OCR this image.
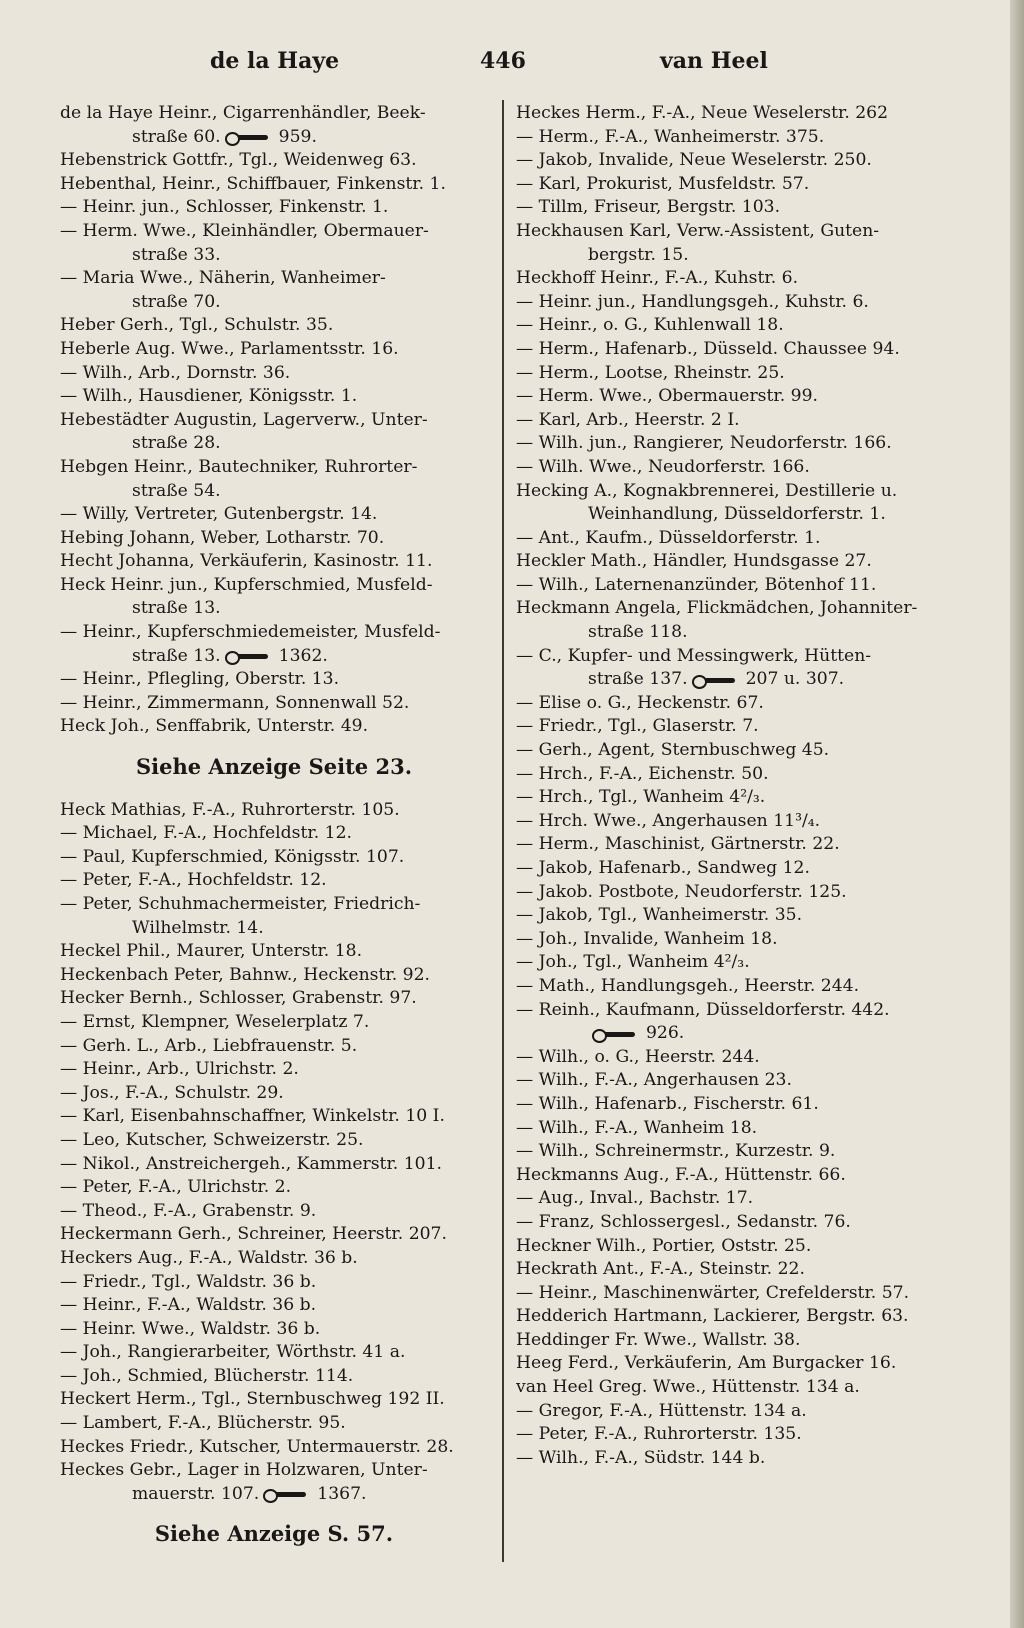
de la Haye	446	van Heel
de la Haye Heinr., Cigarrenhändler, Beek-
straße 60.	959.
Hebenstrick Gottfr., Tgl., Weidenweg 63.
Hebenthal, Heinr., Schiffbauer, Finkenstr. 1.
— Heinr. jun., Schlosser, Finkenstr. 1.
— Herm. Wwe., Kleinhändler, Obermauer-
straße 33.
— Maria Wwe., Näherin, Wanheimer-
straße 70.
Heber Gerh., Tgl., Schulstr. 35.
Heberle Aug. Wwe., Parlamentsstr. 16.
— Wilh., Arb., Dornstr. 36.
— Wilh., Hausdiener, Königsstr. 1.
Hebestädter Augustin, Lagerverw., Unter-
straße 28.
Hebgen Heinr., Bautechniker, Ruhrorter-
straße 54.
— Willy, Vertreter, Gutenbergstr. 14.
Hebing Johann, Weber, Lotharstr. 70.
Hecht Johanna, Verkäuferin, Kasinostr. 11.
Heck Heinr. jun., Kupferschmied, Musfeld-
straße 13.
— Heinr., Kupferschmiedemeister, Musfeld-
straße 13.	1362.
— Heinr., Pflegling, Oberstr. 13.
— Heinr., Zimmermann, Sonnenwall 52.
Heck Joh., Senffabrik, Unterstr. 49.
Siehe Anzeige Seite 23.
Heck Mathias, F.-A., Ruhrorterstr. 105.
— Michael, F.-A., Hochfeldstr. 12.
— Paul, Kupferschmied, Königsstr. 107.
— Peter, F.-A., Hochfeldstr. 12.
— Peter, Schuhmachermeister, Friedrich-
Wilhelmstr. 14.
Heckel Phil., Maurer, Unterstr. 18.
Heckenbach Peter, Bahnw., Heckenstr. 92.
Hecker Bernh., Schlosser, Grabenstr. 97.
— Ernst, Klempner, Weselerplatz 7.
— Gerh. L., Arb., Liebfrauenstr. 5.
— Heinr., Arb., Ulrichstr. 2.
— Jos., F.-A., Schulstr. 29.
— Karl, Eisenbahnschaffner, Winkelstr. 10 I.
— Leo, Kutscher, Schweizerstr. 25.
— Nikol., Anstreichergeh., Kammerstr. 101.
— Peter, F.-A., Ulrichstr. 2.
— Theod., F.-A., Grabenstr. 9.
Heckermann Gerh., Schreiner, Heerstr. 207.
Heckers Aug., F.-A., Waldstr. 36 b.
— Friedr., Tgl., Waldstr. 36 b.
— Heinr., F.-A., Waldstr. 36 b.
— Heinr. Wwe., Waldstr. 36 b.
— Joh., Rangierarbeiter, Wörthstr. 41 a.
— Joh., Schmied, Blücherstr. 114.
Heckert Herm., Tgl., Sternbuschweg 192 II.
— Lambert, F.-A., Blücherstr. 95.
Heckes Friedr., Kutscher, Untermauerstr. 28.
Heckes Gebr., Lager in Holzwaren, Unter-
mauerstr. 107.	1367.
Siehe Anzeige S. 57.
Heckes Herm., F.-A., Neue Weselerstr. 262
— Herm., F.-A., Wanheimerstr. 375.
— Jakob, Invalide, Neue Weselerstr. 250.
— Karl, Prokurist, Musfeldstr. 57.
— Tillm, Friseur, Bergstr. 103.
Heckhausen Karl, Verw.-Assistent, Guten-
bergstr. 15.
Heckhoff Heinr., F.-A., Kuhstr. 6.
— Heinr. jun., Handlungsgeh., Kuhstr. 6.
— Heinr., o. G., Kuhlenwall 18.
— Herm., Hafenarb., Düsseld. Chaussee 94.
— Herm., Lootse, Rheinstr. 25.
— Herm. Wwe., Obermauerstr. 99.
— Karl, Arb., Heerstr. 2 I.
— Wilh. jun., Rangierer, Neudorferstr. 166.
— Wilh. Wwe., Neudorferstr. 166.
Hecking A., Kognakbrennerei, Destillerie u.
Weinhandlung, Düsseldorferstr. 1.
— Ant., Kaufm., Düsseldorferstr. 1.
Heckler Math., Händler, Hundsgasse 27.
— Wilh., Laternenanzünder, Bötenhof 11.
Heckmann Angela, Flickmädchen, Johanniter-
straße 118.
— C., Kupfer- und Messingwerk, Hütten-
straße 137.	207 u. 307.
— Elise o. G., Heckenstr. 67.
— Friedr., Tgl., Glaserstr. 7.
— Gerh., Agent, Sternbuschweg 45.
— Hrch., F.-A., Eichenstr. 50.
— Hrch., Tgl., Wanheim 4²/₃.
— Hrch. Wwe., Angerhausen 11³/₄.
— Herm., Maschinist, Gärtnerstr. 22.
— Jakob, Hafenarb., Sandweg 12.
— Jakob. Postbote, Neudorferstr. 125.
— Jakob, Tgl., Wanheimerstr. 35.
— Joh., Invalide, Wanheim 18.
— Joh., Tgl., Wanheim 4²/₃.
— Math., Handlungsgeh., Heerstr. 244.
— Reinh., Kaufmann, Düsseldorferstr. 442.
926.
— Wilh., o. G., Heerstr. 244.
— Wilh., F.-A., Angerhausen 23.
— Wilh., Hafenarb., Fischerstr. 61.
— Wilh., F.-A., Wanheim 18.
— Wilh., Schreinermstr., Kurzestr. 9.
Heckmanns Aug., F.-A., Hüttenstr. 66.
— Aug., Inval., Bachstr. 17.
— Franz, Schlossergesl., Sedanstr. 76.
Heckner Wilh., Portier, Oststr. 25.
Heckrath Ant., F.-A., Steinstr. 22.
— Heinr., Maschinenwärter, Crefelderstr. 57.
Hedderich Hartmann, Lackierer, Bergstr. 63.
Heddinger Fr. Wwe., Wallstr. 38.
Heeg Ferd., Verkäuferin, Am Burgacker 16.
van Heel Greg. Wwe., Hüttenstr. 134 a.
— Gregor, F.-A., Hüttenstr. 134 a.
— Peter, F.-A., Ruhrorterstr. 135.
— Wilh., F.-A., Südstr. 144 b.
